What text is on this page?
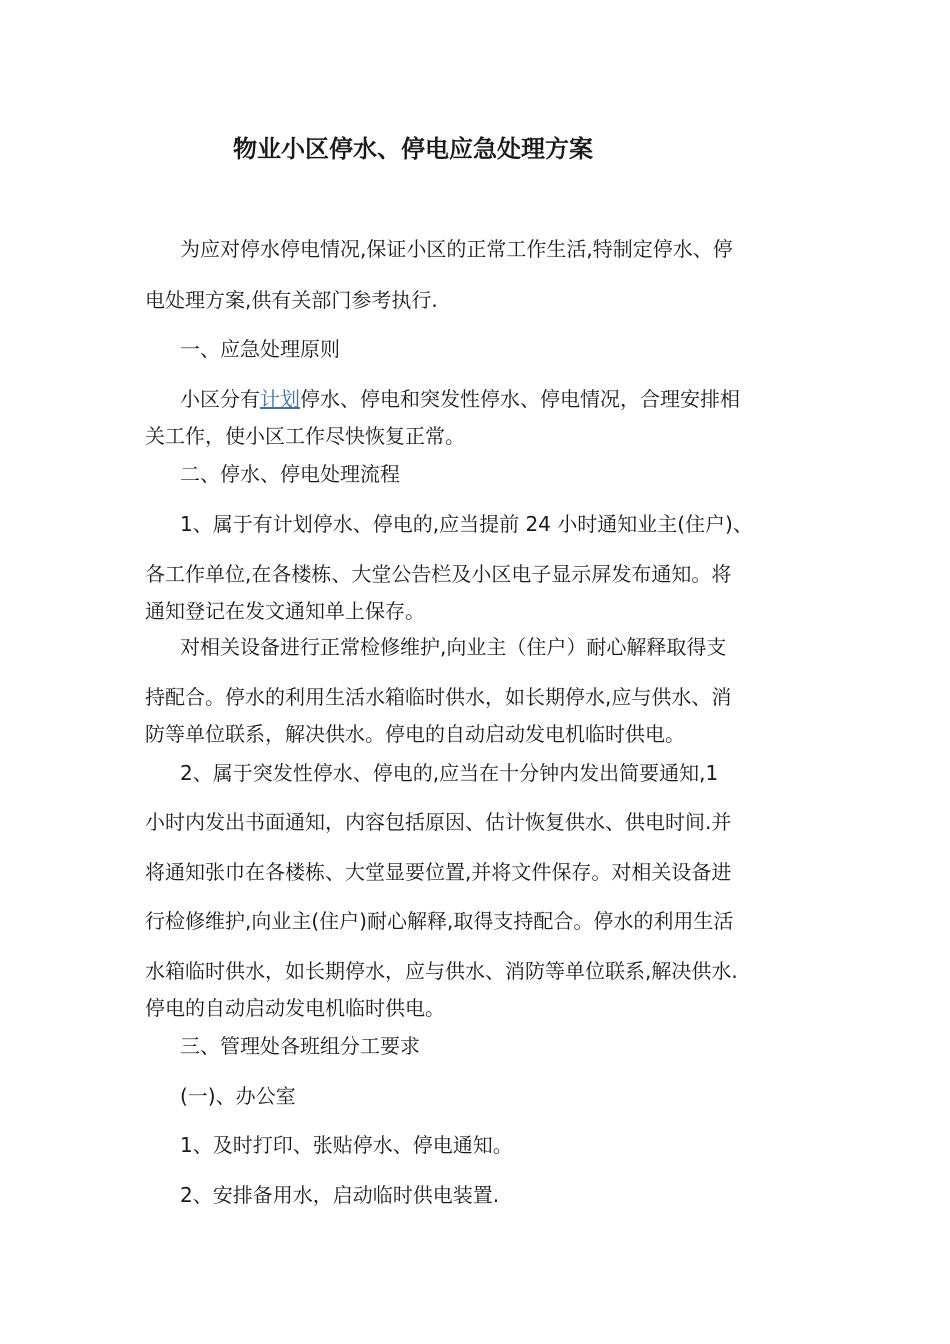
物业小区停水、停电应急处理方案
为应对停水停电情况,保证小区的正常工作生活,特制定停水、停
电处理方案,供有关部门参考执行.
一、应急处理原则
小区分有计划停水、停电和突发性停水、停电情况，合理安排相
关工作，使小区工作尽快恢复正常。
二、停水、停电处理流程
1、属于有计划停水、停电的,应当提前 24 小时通知业主(住户)、
各工作单位,在各楼栋、大堂公告栏及小区电子显示屏发布通知。将
通知登记在发文通知单上保存。
对相关设备进行正常检修维护,向业主（住户）耐心解释取得支
持配合。停水的利用生活水箱临时供水，如长期停水,应与供水、消
防等单位联系，解决供水。停电的自动启动发电机临时供电。
2、属于突发性停水、停电的,应当在十分钟内发出简要通知,1
小时内发出书面通知，内容包括原因、估计恢复供水、供电时间.并
将通知张巾在各楼栋、大堂显要位置,并将文件保存。对相关设备进
行检修维护,向业主(住户)耐心解释,取得支持配合。停水的利用生活
水箱临时供水，如长期停水，应与供水、消防等单位联系,解决供水.
停电的自动启动发电机临时供电。
三、管理处各班组分工要求
(一)、办公室
1、及时打印、张贴停水、停电通知。
2、安排备用水，启动临时供电装置.
